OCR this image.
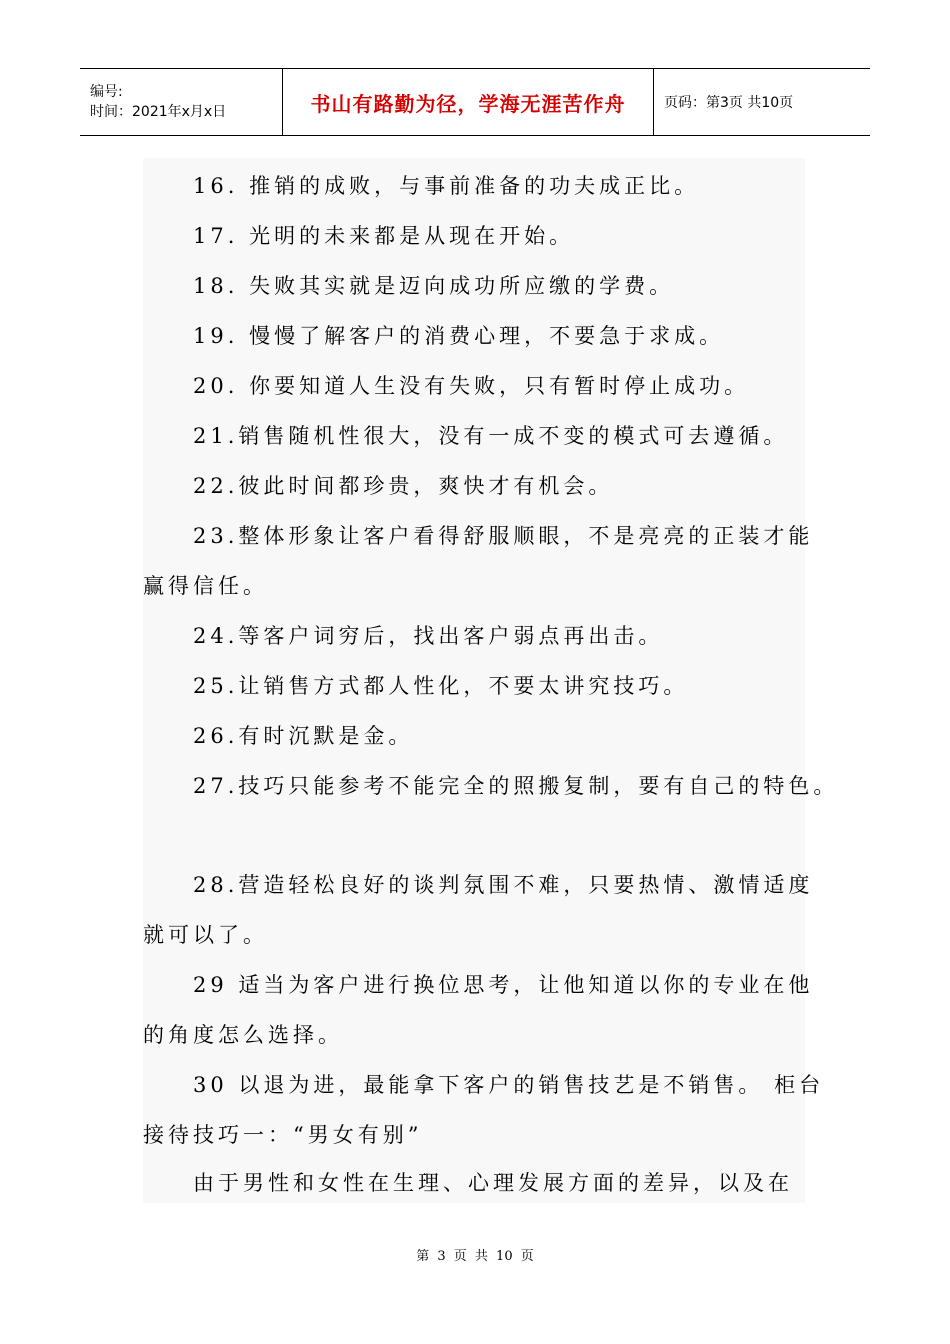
编号:
时间：2021年x月x日	书山有路勤为径，学海无涯苦作舟	页码：第3页 共10页
16. 推销的成败，与事前准备的功夫成正比。
17. 光明的未来都是从现在开始。
18. 失败其实就是迈向成功所应缴的学费。
19. 慢慢了解客户的消费心理，不要急于求成。
20. 你要知道人生没有失败，只有暂时停止成功。
21.销售随机性很大，没有一成不变的模式可去遵循。
22.彼此时间都珍贵，爽快才有机会。
23.整体形象让客户看得舒服顺眼，不是亮亮的正装才能
赢得信任。
24.等客户词穷后，找出客户弱点再出击。
25.让销售方式都人性化，不要太讲究技巧。
26.有时沉默是金。
27.技巧只能参考不能完全的照搬复制，要有自己的特色。
28.营造轻松良好的谈判氛围不难，只要热情、激情适度
就可以了。
29 适当为客户进行换位思考，让他知道以你的专业在他
的角度怎么选择。
30 以退为进，最能拿下客户的销售技艺是不销售。 柜台
接待技巧一：“男女有别”
由于男性和女性在生理、心理发展方面的差异，以及在
第 3 页 共 10 页
